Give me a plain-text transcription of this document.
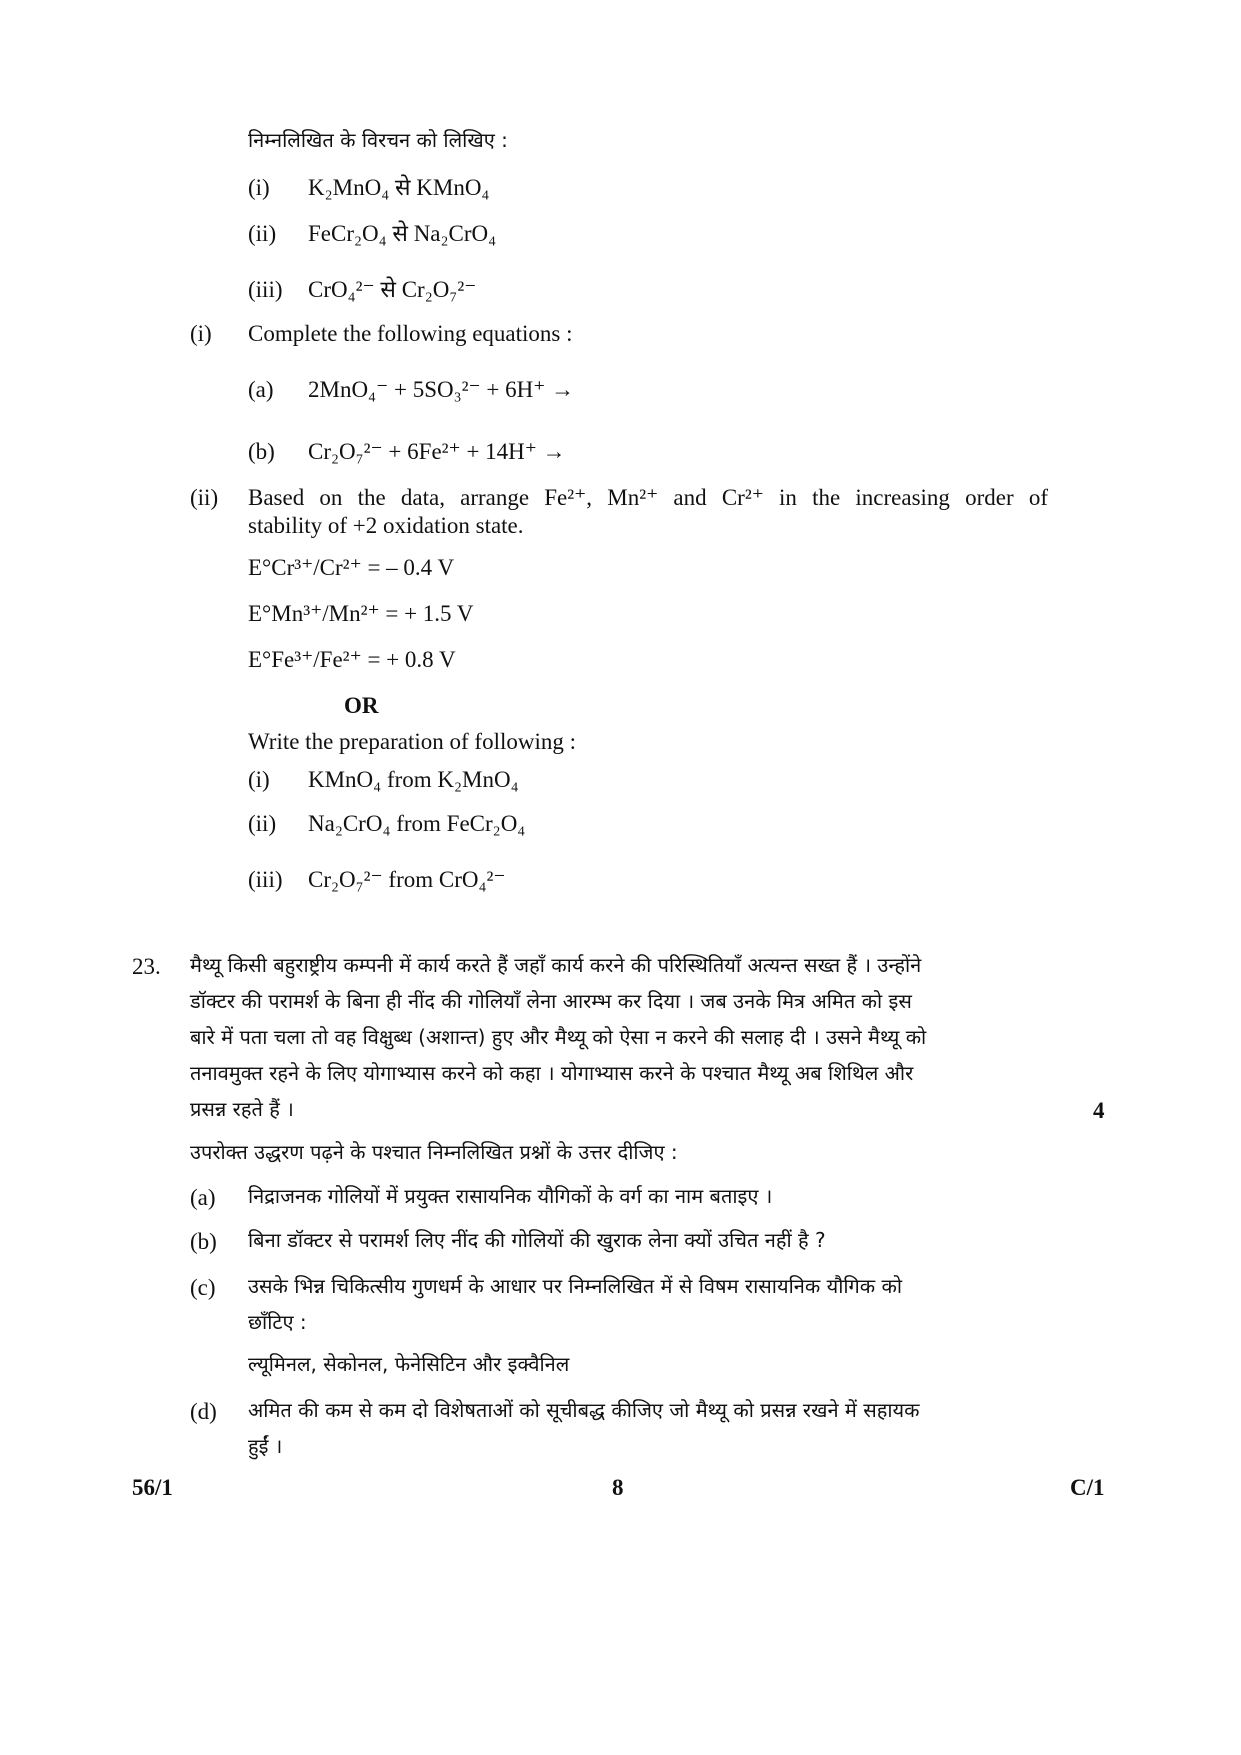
निम्नलिखित के विरचन को लिखिए :
(i) K₂MnO₄ से KMnO₄
(ii) FeCr₂O₄ से Na₂CrO₄
(iii) CrO₄²⁻ से Cr₂O₇²⁻
(i) Complete the following equations :
(a) 2MnO₄⁻ + 5SO₃²⁻ + 6H⁺ →
(b) Cr₂O₇²⁻ + 6Fe²⁺ + 14H⁺ →
(ii) Based on the data, arrange Fe²⁺, Mn²⁺ and Cr²⁺ in the increasing order of
stability of +2 oxidation state.
E°Cr³⁺/Cr²⁺ = – 0.4 V
E°Mn³⁺/Mn²⁺ = + 1.5 V
E°Fe³⁺/Fe²⁺ = + 0.8 V
OR
Write the preparation of following :
(i) KMnO₄ from K₂MnO₄
(ii) Na₂CrO₄ from FeCr₂O₄
(iii) Cr₂O₇²⁻ from CrO₄²⁻
23. मैथ्यू किसी बहुराष्ट्रीय कम्पनी में कार्य करते हैं जहाँ कार्य करने की परिस्थितियाँ अत्यन्त सख्त हैं । उन्होंने
डॉक्टर की परामर्श के बिना ही नींद की गोलियाँ लेना आरम्भ कर दिया । जब उनके मित्र अमित को इस
बारे में पता चला तो वह विक्षुब्ध (अशान्त) हुए और मैथ्यू को ऐसा न करने की सलाह दी । उसने मैथ्यू को
तनावमुक्त रहने के लिए योगाभ्यास करने को कहा । योगाभ्यास करने के पश्चात मैथ्यू अब शिथिल और
प्रसन्न रहते हैं ।	4
उपरोक्त उद्धरण पढ़ने के पश्चात निम्नलिखित प्रश्नों के उत्तर दीजिए :
(a) निद्राजनक गोलियों में प्रयुक्त रासायनिक यौगिकों के वर्ग का नाम बताइए ।
(b) बिना डॉक्टर से परामर्श लिए नींद की गोलियों की खुराक लेना क्यों उचित नहीं है ?
(c) उसके भिन्न चिकित्सीय गुणधर्म के आधार पर निम्नलिखित में से विषम रासायनिक यौगिक को
छाँटिए :
ल्यूमिनल, सेकोनल, फेनेसिटिन और इक्वैनिल
(d) अमित की कम से कम दो विशेषताओं को सूचीबद्ध कीजिए जो मैथ्यू को प्रसन्न रखने में सहायक
हुईं ।
56/1	8	C/1
